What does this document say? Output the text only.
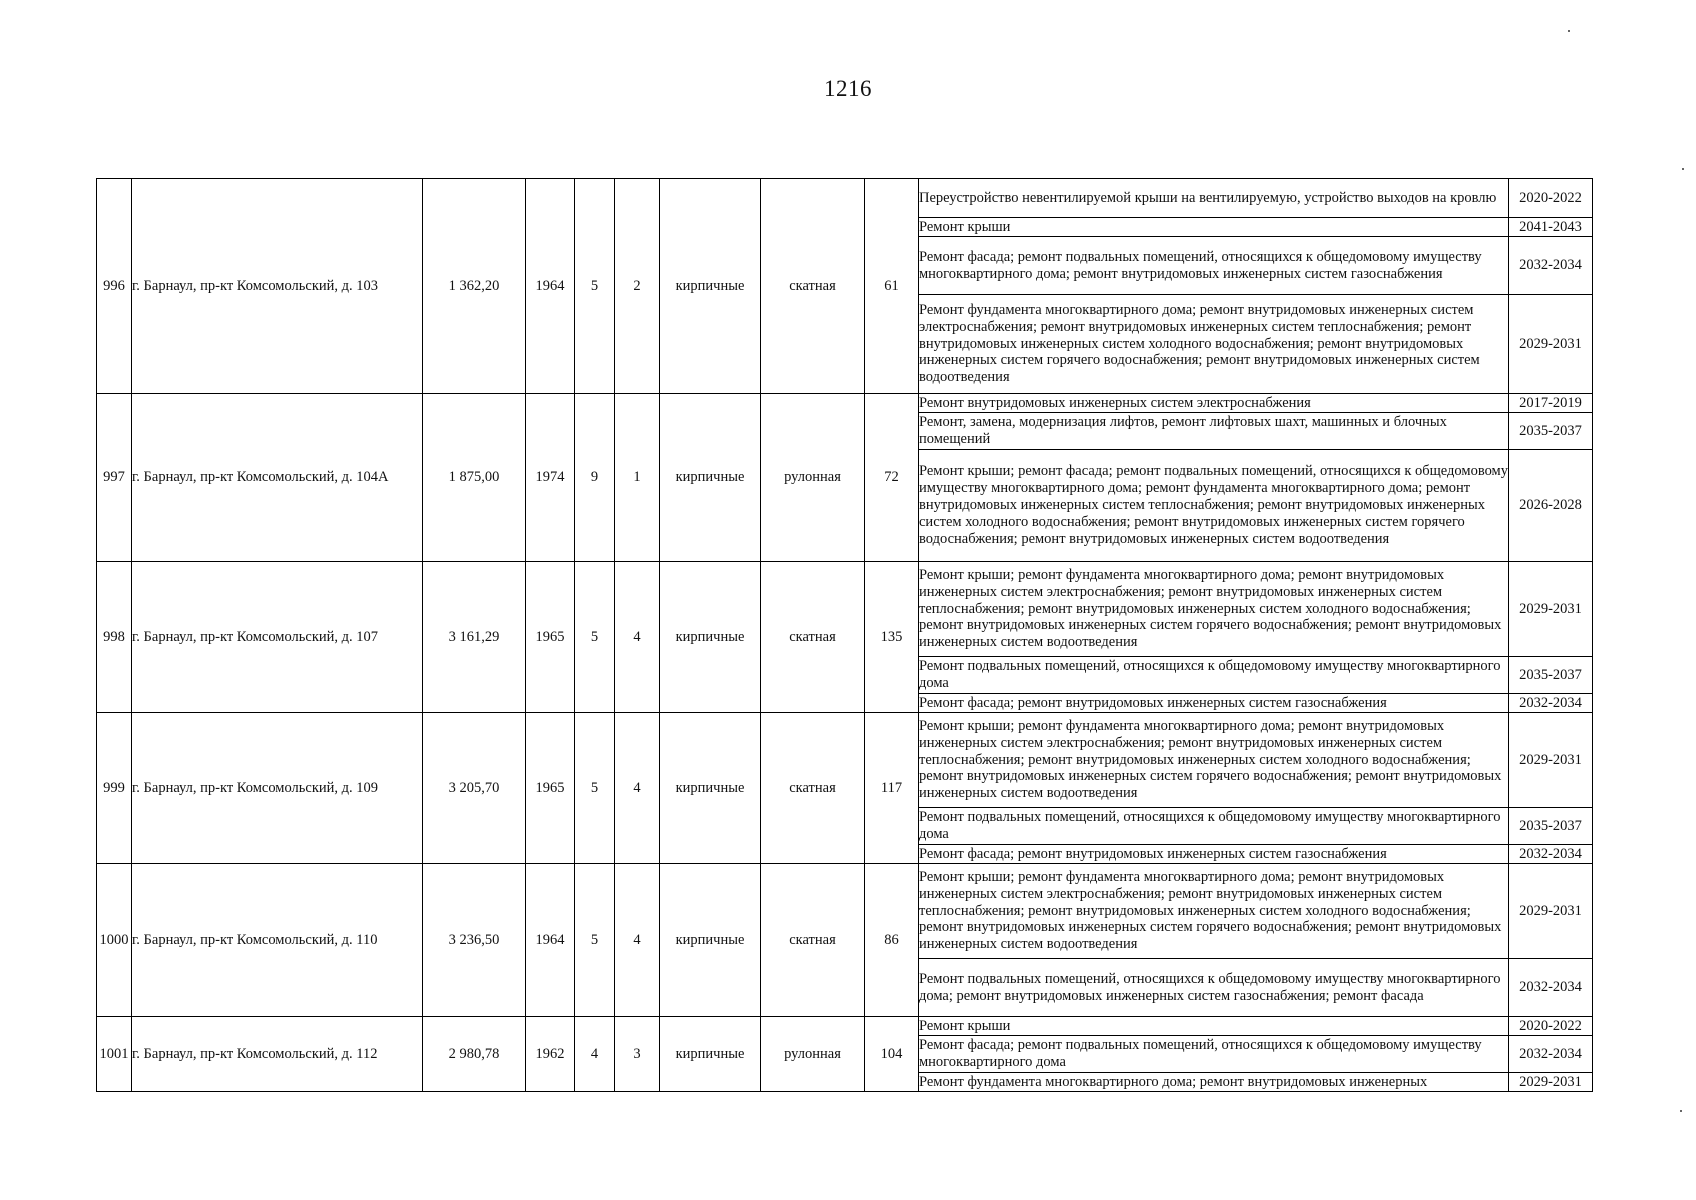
1216
996	г. Барнаул, пр-кт Комсомольский, д. 103	1 362,20	1964	5	2	кирпичные	скатная	61	Переустройство невентилируемой крыши на вентилируемую, устройство выходов на кровлю	2020-2022
									Ремонт крыши	2041-2043
									Ремонт фасада; ремонт подвальных помещений, относящихся к общедомовому имуществу многоквартирного дома; ремонт внутридомовых инженерных систем газоснабжения	2032-2034
									Ремонт фундамента многоквартирного дома; ремонт внутридомовых инженерных систем электроснабжения; ремонт внутридомовых инженерных систем теплоснабжения; ремонт внутридомовых инженерных систем холодного водоснабжения; ремонт внутридомовых инженерных систем горячего водоснабжения; ремонт внутридомовых инженерных систем водоотведения	2029-2031
997	г. Барнаул, пр-кт Комсомольский, д. 104А	1 875,00	1974	9	1	кирпичные	рулонная	72	Ремонт внутридомовых инженерных систем электроснабжения	2017-2019
									Ремонт, замена, модернизация лифтов, ремонт лифтовых шахт, машинных и блочных помещений	2035-2037
									Ремонт крыши; ремонт фасада; ремонт подвальных помещений, относящихся к общедомовому имуществу многоквартирного дома; ремонт фундамента многоквартирного дома; ремонт внутридомовых инженерных систем теплоснабжения; ремонт внутридомовых инженерных систем холодного водоснабжения; ремонт внутридомовых инженерных систем горячего водоснабжения; ремонт внутридомовых инженерных систем водоотведения	2026-2028
998	г. Барнаул, пр-кт Комсомольский, д. 107	3 161,29	1965	5	4	кирпичные	скатная	135	Ремонт крыши; ремонт фундамента многоквартирного дома; ремонт внутридомовых инженерных систем электроснабжения; ремонт внутридомовых инженерных систем теплоснабжения; ремонт внутридомовых инженерных систем холодного водоснабжения; ремонт внутридомовых инженерных систем горячего водоснабжения; ремонт внутридомовых инженерных систем водоотведения	2029-2031
									Ремонт подвальных помещений, относящихся к общедомовому имуществу многоквартирного дома	2035-2037
									Ремонт фасада; ремонт внутридомовых инженерных систем газоснабжения	2032-2034
999	г. Барнаул, пр-кт Комсомольский, д. 109	3 205,70	1965	5	4	кирпичные	скатная	117	Ремонт крыши; ремонт фундамента многоквартирного дома; ремонт внутридомовых инженерных систем электроснабжения; ремонт внутридомовых инженерных систем теплоснабжения; ремонт внутридомовых инженерных систем холодного водоснабжения; ремонт внутридомовых инженерных систем горячего водоснабжения; ремонт внутридомовых инженерных систем водоотведения	2029-2031
									Ремонт подвальных помещений, относящихся к общедомовому имуществу многоквартирного дома	2035-2037
									Ремонт фасада; ремонт внутридомовых инженерных систем газоснабжения	2032-2034
1000	г. Барнаул, пр-кт Комсомольский, д. 110	3 236,50	1964	5	4	кирпичные	скатная	86	Ремонт крыши; ремонт фундамента многоквартирного дома; ремонт внутридомовых инженерных систем электроснабжения; ремонт внутридомовых инженерных систем теплоснабжения; ремонт внутридомовых инженерных систем холодного водоснабжения; ремонт внутридомовых инженерных систем горячего водоснабжения; ремонт внутридомовых инженерных систем водоотведения	2029-2031
									Ремонт подвальных помещений, относящихся к общедомовому имуществу многоквартирного дома; ремонт внутридомовых инженерных систем газоснабжения; ремонт фасада	2032-2034
1001	г. Барнаул, пр-кт Комсомольский, д. 112	2 980,78	1962	4	3	кирпичные	рулонная	104	Ремонт крыши	2020-2022
									Ремонт фасада; ремонт подвальных помещений, относящихся к общедомовому имуществу многоквартирного дома	2032-2034
									Ремонт фундамента многоквартирного дома; ремонт внутридомовых инженерных	2029-2031
